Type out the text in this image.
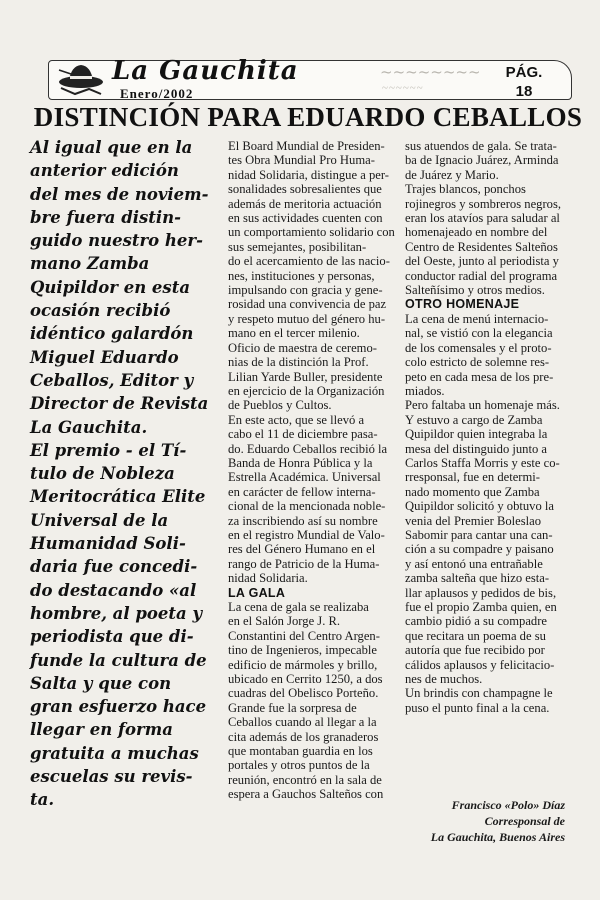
La Gauchita
Enero/2002
~~~~~~~~
~~~~~~
PÁG.
18
DISTINCIÓN PARA EDUARDO CEBALLOS
Al igual que en la
anterior edición
del mes de noviem-
bre fuera distin-
guido nuestro her-
mano Zamba
Quipildor en esta
ocasión recibió
idéntico galardón
Miguel Eduardo
Ceballos, Editor y
Director de Revista
La Gauchita.
El premio - el Tí-
tulo de Nobleza
Meritocrática Elite
Universal de la
Humanidad Soli-
daria fue concedi-
do destacando «al
hombre, al poeta y
periodista que di-
funde la cultura de
Salta y que con
gran esfuerzo hace
llegar en forma
gratuita a muchas
escuelas su revis-
ta.
El Board Mundial de Presiden-
tes Obra Mundial Pro Huma-
nidad Solidaria, distingue a per-
sonalidades sobresalientes que
además de meritoria actuación
en sus actividades cuenten con
un comportamiento solidario con
sus semejantes, posibilitan-
do el acercamiento de las nacio-
nes, instituciones y personas,
impulsando con gracia y gene-
rosidad una convivencia de paz
y respeto mutuo del género hu-
mano en el tercer milenio.
Oficio de maestra de ceremo-
nias de la distinción la Prof.
Lilian Yarde Buller, presidente
en ejercicio de la Organización
de Pueblos y Cultos.
En este acto, que se llevó a
cabo el 11 de diciembre pasa-
do. Eduardo Ceballos recibió la
Banda de Honra Pública y la
Estrella Académica. Universal
en carácter de fellow interna-
cional de la mencionada noble-
za inscribiendo así su nombre
en el registro Mundial de Valo-
res del Género Humano en el
rango de Patricio de la Huma-
nidad Solidaria.
LA GALA
La cena de gala se realizaba
en el Salón Jorge J. R.
Constantini del Centro Argen-
tino de Ingenieros, impecable
edificio de mármoles y brillo,
ubicado en Cerrito 1250, a dos
cuadras del Obelisco Porteño.
Grande fue la sorpresa de
Ceballos cuando al llegar a la
cita además de los granaderos
que montaban guardia en los
portales y otros puntos de la
reunión, encontró en la sala de
espera a Gauchos Salteños con
sus atuendos de gala. Se trata-
ba de Ignacio Juárez, Arminda
de Juárez y Mario.
Trajes blancos, ponchos
rojinegros y sombreros negros,
eran los atavíos para saludar al
homenajeado en nombre del
Centro de Residentes Salteños
del Oeste, junto al periodista y
conductor radial del programa
Salteñísimo y otros medios.
OTRO HOMENAJE
La cena de menú internacio-
nal, se vistió con la elegancia
de los comensales y el proto-
colo estricto de solemne res-
peto en cada mesa de los pre-
miados.
Pero faltaba un homenaje más.
Y estuvo a cargo de Zamba
Quipildor quien integraba la
mesa del distinguido junto a
Carlos Staffa Morris y este co-
rresponsal, fue en determi-
nado momento que Zamba
Quipildor solicitó y obtuvo la
venia del Premier Boleslao
Sabomir para cantar una can-
ción a su compadre y paisano
y así entonó una entrañable
zamba salteña que hizo esta-
llar aplausos y pedidos de bis,
fue el propio Zamba quien, en
cambio pidió a su compadre
que recitara un poema de su
autoría que fue recibido por
cálidos aplausos y felicitacio-
nes de muchos.
Un brindis con champagne le
puso el punto final a la cena.
Francisco «Polo» Díaz
Corresponsal de
La Gauchita, Buenos Aires
